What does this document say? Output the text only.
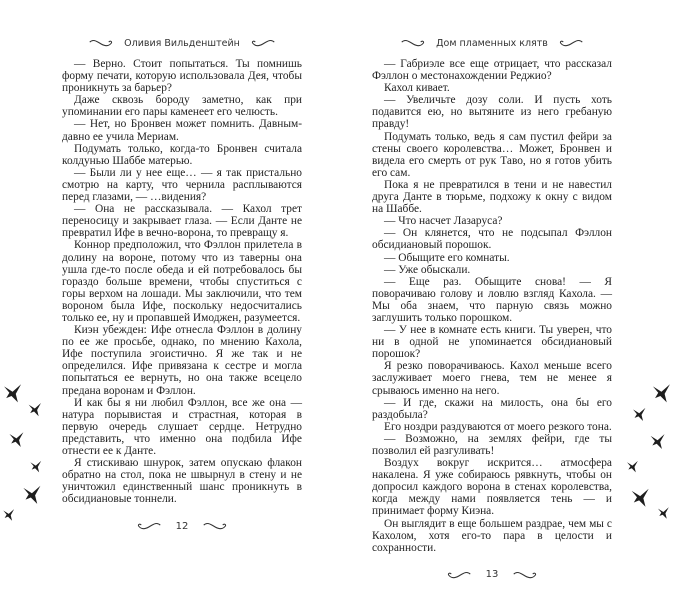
Оливия Вильденштейн

— Верно. Стоит попытаться. Ты помнишь форму печати, которую использовала Дея, чтобы проникнуть за барьер?

Даже сквозь бороду заметно, как при упоминании его пары каменеет его челюсть.

— Нет, но Бронвен может помнить. Давным-давно ее учила Мериам.

Подумать только, когда-то Бронвен считала колдунью Шаббе матерью.

— Были ли у нее еще… — я так пристально смотрю на карту, что чернила расплываются перед глазами, — …видения?

— Она не рассказывала. — Кахол трет переносицу и закрывает глаза. — Если Данте не превратил Ифе в вечно-ворона, то превращу я.

Коннор предположил, что Фэллон прилетела в долину на вороне, потому что из таверны она ушла где-то после обеда и ей потребовалось бы гораздо больше времени, чтобы спуститься с горы верхом на лошади. Мы заключили, что тем вороном была Ифе, поскольку недосчитались только ее, ну и пропавшей Имоджен, разумеется.

Киэн убежден: Ифе отнесла Фэллон в долину по ее же просьбе, однако, по мнению Кахола, Ифе поступила эгоистично. Я же так и не определился. Ифе привязана к сестре и могла попытаться ее вернуть, но она также всецело предана воронам и Фэллон.

И как бы я ни любил Фэллон, все же она — натура порывистая и страстная, которая в первую очередь слушает сердце. Нетрудно представить, что именно она подбила Ифе отнести ее к Данте.

Я стискиваю шнурок, затем опускаю флакон обратно на стол, пока не швырнул в стену и не уничтожил единственный шанс проникнуть в обсидиановые тоннели.

12
Дом пламенных клятв

— Габриэле все еще отрицает, что рассказал Фэллон о местонахождении Реджио?

Кахол кивает.

— Увеличьте дозу соли. И пусть хоть подавится ею, но вытяните из него гребаную правду!

Подумать только, ведь я сам пустил фейри за стены своего королевства… Может, Бронвен и видела его смерть от рук Таво, но я готов убить его сам.

Пока я не превратился в тени и не навестил друга Данте в тюрьме, подхожу к окну с видом на Шаббе.

— Что насчет Лазаруса?

— Он клянется, что не подсыпал Фэллон обсидиановый порошок.

— Обыщите его комнаты.

— Уже обыскали.

— Еще раз. Обыщите снова! — Я поворачиваю голову и ловлю взгляд Кахола. — Мы оба знаем, что парную связь можно заглушить только порошком.

— У нее в комнате есть книги. Ты уверен, что ни в одной не упоминается обсидиановый порошок?

Я резко поворачиваюсь. Кахол меньше всего заслуживает моего гнева, тем не менее я срываюсь именно на него.

— И где, скажи на милость, она бы его раздобыла?

Его ноздри раздуваются от моего резкого тона.

— Возможно, на землях фейри, где ты позволил ей разгуливать!

Воздух вокруг искрится… атмосфера накалена. Я уже собираюсь рявкнуть, чтобы он допросил каждого ворона в стенах королевства, когда между нами появляется тень — и принимает форму Киэна.

Он выглядит в еще большем раздрае, чем мы с Кахолом, хотя его-то пара в целости и сохранности.

13
